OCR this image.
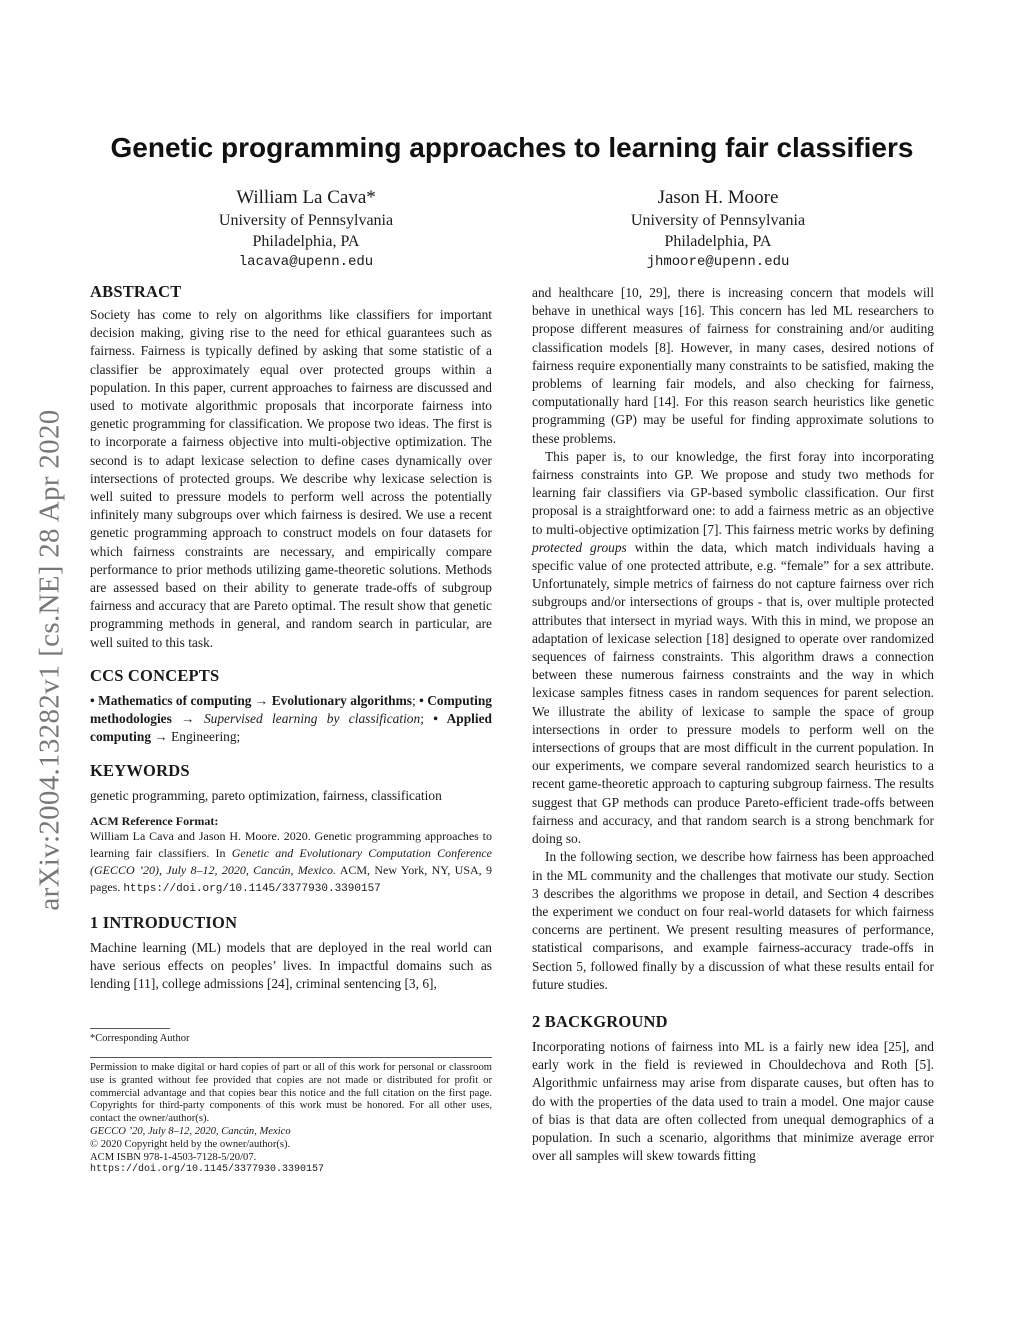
arXiv:2004.13282v1 [cs.NE] 28 Apr 2020
Genetic programming approaches to learning fair classifiers
William La Cava*
University of Pennsylvania
Philadelphia, PA
lacava@upenn.edu
Jason H. Moore
University of Pennsylvania
Philadelphia, PA
jhmoore@upenn.edu
ABSTRACT

Society has come to rely on algorithms like classifiers for important decision making, giving rise to the need for ethical guarantees such as fairness. Fairness is typically defined by asking that some statistic of a classifier be approximately equal over protected groups within a population. In this paper, current approaches to fairness are discussed and used to motivate algorithmic proposals that incorporate fairness into genetic programming for classification. We propose two ideas. The first is to incorporate a fairness objective into multi-objective optimization. The second is to adapt lexicase selection to define cases dynamically over intersections of protected groups. We describe why lexicase selection is well suited to pressure models to perform well across the potentially infinitely many subgroups over which fairness is desired. We use a recent genetic programming approach to construct models on four datasets for which fairness constraints are necessary, and empirically compare performance to prior methods utilizing game-theoretic solutions. Methods are assessed based on their ability to generate trade-offs of subgroup fairness and accuracy that are Pareto optimal. The result show that genetic programming methods in general, and random search in particular, are well suited to this task.

CCS CONCEPTS

• Mathematics of computing → Evolutionary algorithms; • Computing methodologies → Supervised learning by classification; • Applied computing → Engineering;

KEYWORDS

genetic programming, pareto optimization, fairness, classification

ACM Reference Format:

William La Cava and Jason H. Moore. 2020. Genetic programming approaches to learning fair classifiers. In Genetic and Evolutionary Computation Conference (GECCO ’20), July 8–12, 2020, Cancún, Mexico. ACM, New York, NY, USA, 9 pages. https://doi.org/10.1145/3377930.3390157

1 INTRODUCTION

Machine learning (ML) models that are deployed in the real world can have serious effects on peoples’ lives. In impactful domains such as lending [11], college admissions [24], criminal sentencing [3, 6],

*Corresponding Author

Permission to make digital or hard copies of part or all of this work for personal or classroom use is granted without fee provided that copies are not made or distributed for profit or commercial advantage and that copies bear this notice and the full citation on the first page. Copyrights for third-party components of this work must be honored. For all other uses, contact the owner/author(s).

GECCO ’20, July 8–12, 2020, Cancún, Mexico

© 2020 Copyright held by the owner/author(s).

ACM ISBN 978-1-4503-7128-5/20/07.

https://doi.org/10.1145/3377930.3390157

and healthcare [10, 29], there is increasing concern that models will behave in unethical ways [16]. This concern has led ML researchers to propose different measures of fairness for constraining and/or auditing classification models [8]. However, in many cases, desired notions of fairness require exponentially many constraints to be satisfied, making the problems of learning fair models, and also checking for fairness, computationally hard [14]. For this reason search heuristics like genetic programming (GP) may be useful for finding approximate solutions to these problems.

This paper is, to our knowledge, the first foray into incorporating fairness constraints into GP. We propose and study two methods for learning fair classifiers via GP-based symbolic classification. Our first proposal is a straightforward one: to add a fairness metric as an objective to multi-objective optimization [7]. This fairness metric works by defining protected groups within the data, which match individuals having a specific value of one protected attribute, e.g. “female” for a sex attribute. Unfortunately, simple metrics of fairness do not capture fairness over rich subgroups and/or intersections of groups - that is, over multiple protected attributes that intersect in myriad ways. With this in mind, we propose an adaptation of lexicase selection [18] designed to operate over randomized sequences of fairness constraints. This algorithm draws a connection between these numerous fairness constraints and the way in which lexicase samples fitness cases in random sequences for parent selection. We illustrate the ability of lexicase to sample the space of group intersections in order to pressure models to perform well on the intersections of groups that are most difficult in the current population. In our experiments, we compare several randomized search heuristics to a recent game-theoretic approach to capturing subgroup fairness. The results suggest that GP methods can produce Pareto-efficient trade-offs between fairness and accuracy, and that random search is a strong benchmark for doing so.

In the following section, we describe how fairness has been approached in the ML community and the challenges that motivate our study. Section 3 describes the algorithms we propose in detail, and Section 4 describes the experiment we conduct on four real-world datasets for which fairness concerns are pertinent. We present resulting measures of performance, statistical comparisons, and example fairness-accuracy trade-offs in Section 5, followed finally by a discussion of what these results entail for future studies.

2 BACKGROUND

Incorporating notions of fairness into ML is a fairly new idea [25], and early work in the field is reviewed in Chouldechova and Roth [5]. Algorithmic unfairness may arise from disparate causes, but often has to do with the properties of the data used to train a model. One major cause of bias is that data are often collected from unequal demographics of a population. In such a scenario, algorithms that minimize average error over all samples will skew towards fitting
